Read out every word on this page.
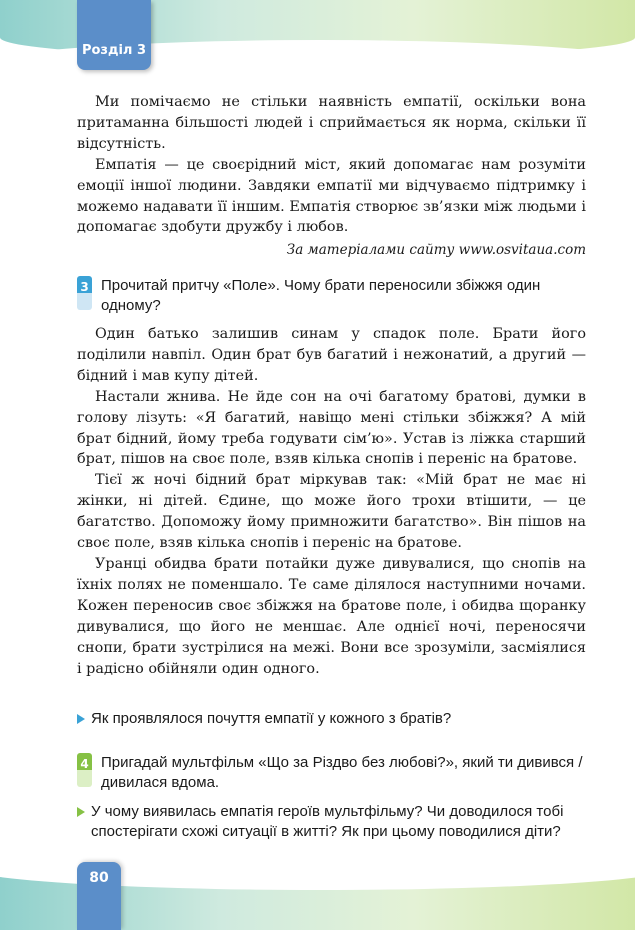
Розділ 3

Ми помічаємо не стільки наявність емпатії, оскільки вона притаманна більшості людей і сприймається як норма, скільки її відсутність.

Емпатія — це своєрідний міст, який допомагає нам розуміти емоції іншої людини. Завдяки емпатії ми відчуваємо підтримку і можемо надавати її іншим. Емпатія створює зв’язки між людьми і допомагає здобути дружбу і любов.

За матеріалами сайту www.osvitaua.com
3 Прочитай притчу «Поле». Чому брати переносили збіжжя один одному?

Один батько залишив синам у спадок поле. Брати його поділили навпіл. Один брат був багатий і нежонатий, а другий — бідний і мав купу дітей.

Настали жнива. Не йде сон на очі багатому братові, думки в голову лізуть: «Я багатий, навіщо мені стільки збіжжя? А мій брат бідний, йому треба годувати сім’ю». Устав із ліжка старший брат, пішов на своє поле, взяв кілька снопів і переніс на братове.

Тієї ж ночі бідний брат міркував так: «Мій брат не має ні жінки, ні дітей. Єдине, що може його трохи втішити, — це багатство. Допоможу йому примножити багатство». Він пішов на своє поле, взяв кілька снопів і переніс на братове.

Уранці обидва брати потайки дуже дивувалися, що снопів на їхніх полях не поменшало. Те саме ділялося наступними ночами. Кожен переносив своє збіжжя на братове поле, і обидва щоранку дивувалися, що його не меншає. Але однієї ночі, переносячи снопи, брати зустрілися на межі. Вони все зрозуміли, засміялися і радісно обійняли один одного.

Як проявлялося почуття емпатії у кожного з братів?
4 Пригадай мультфільм «Що за Різдво без любові?», який ти дивився / дивилася вдома.
У чому виявилась емпатія героїв мультфільму? Чи доводилося тобі спостерігати схожі ситуації в житті? Як при цьому поводилися діти?
80
